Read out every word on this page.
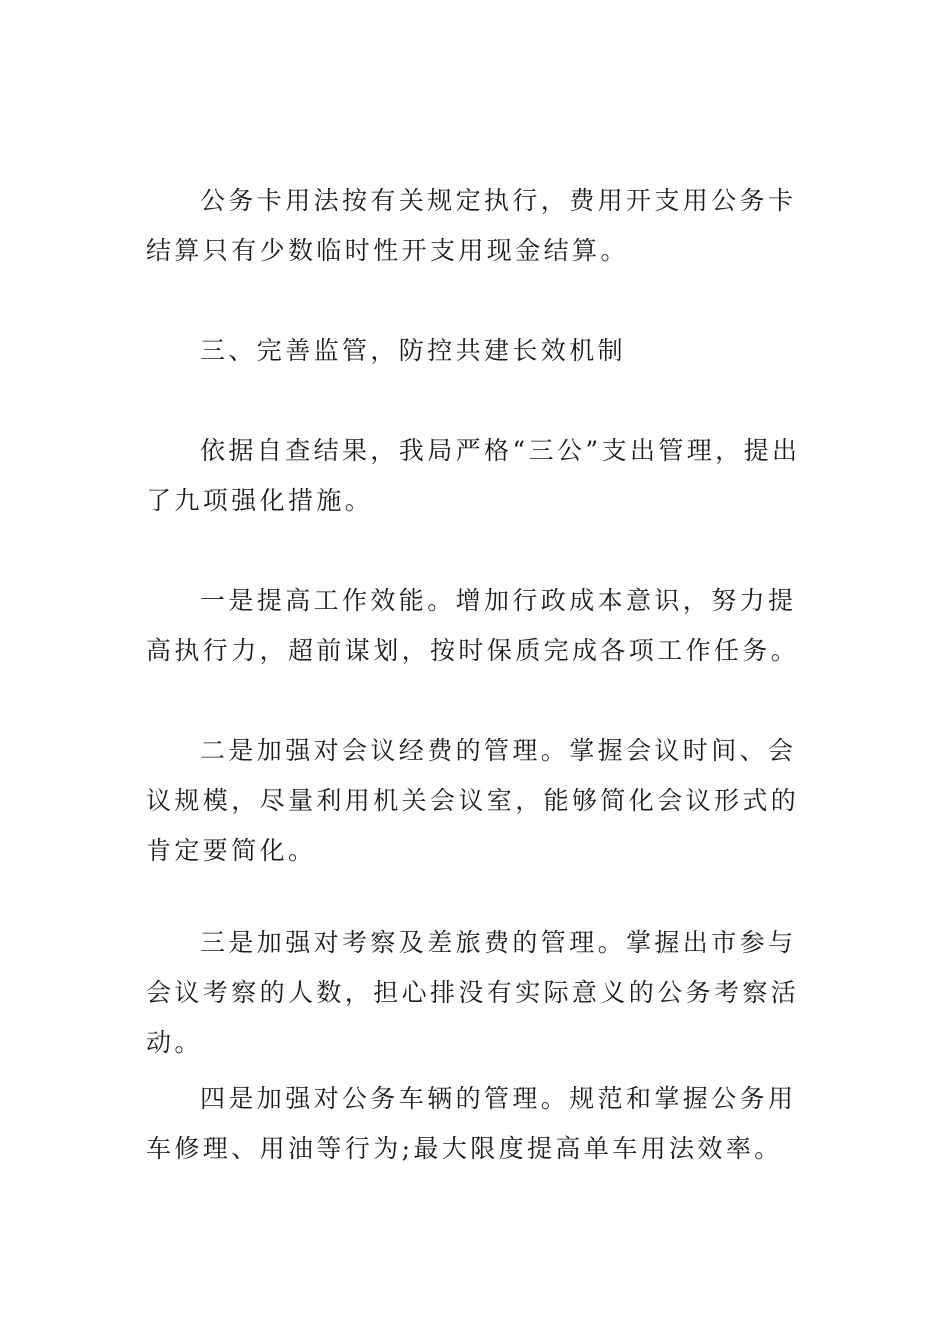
公务卡用法按有关规定执行，费用开支用公务卡结算只有少数临时性开支用现金结算。

三、完善监管，防控共建长效机制

依据自查结果，我局严格“三公”支出管理，提出了九项强化措施。

一是提高工作效能。增加行政成本意识，努力提高执行力，超前谋划，按时保质完成各项工作任务。

二是加强对会议经费的管理。掌握会议时间、会议规模，尽量利用机关会议室，能够简化会议形式的肯定要简化。

三是加强对考察及差旅费的管理。掌握出市参与会议考察的人数，担心排没有实际意义的公务考察活动。

四是加强对公务车辆的管理。规范和掌握公务用车修理、用油等行为;最大限度提高单车用法效率。
